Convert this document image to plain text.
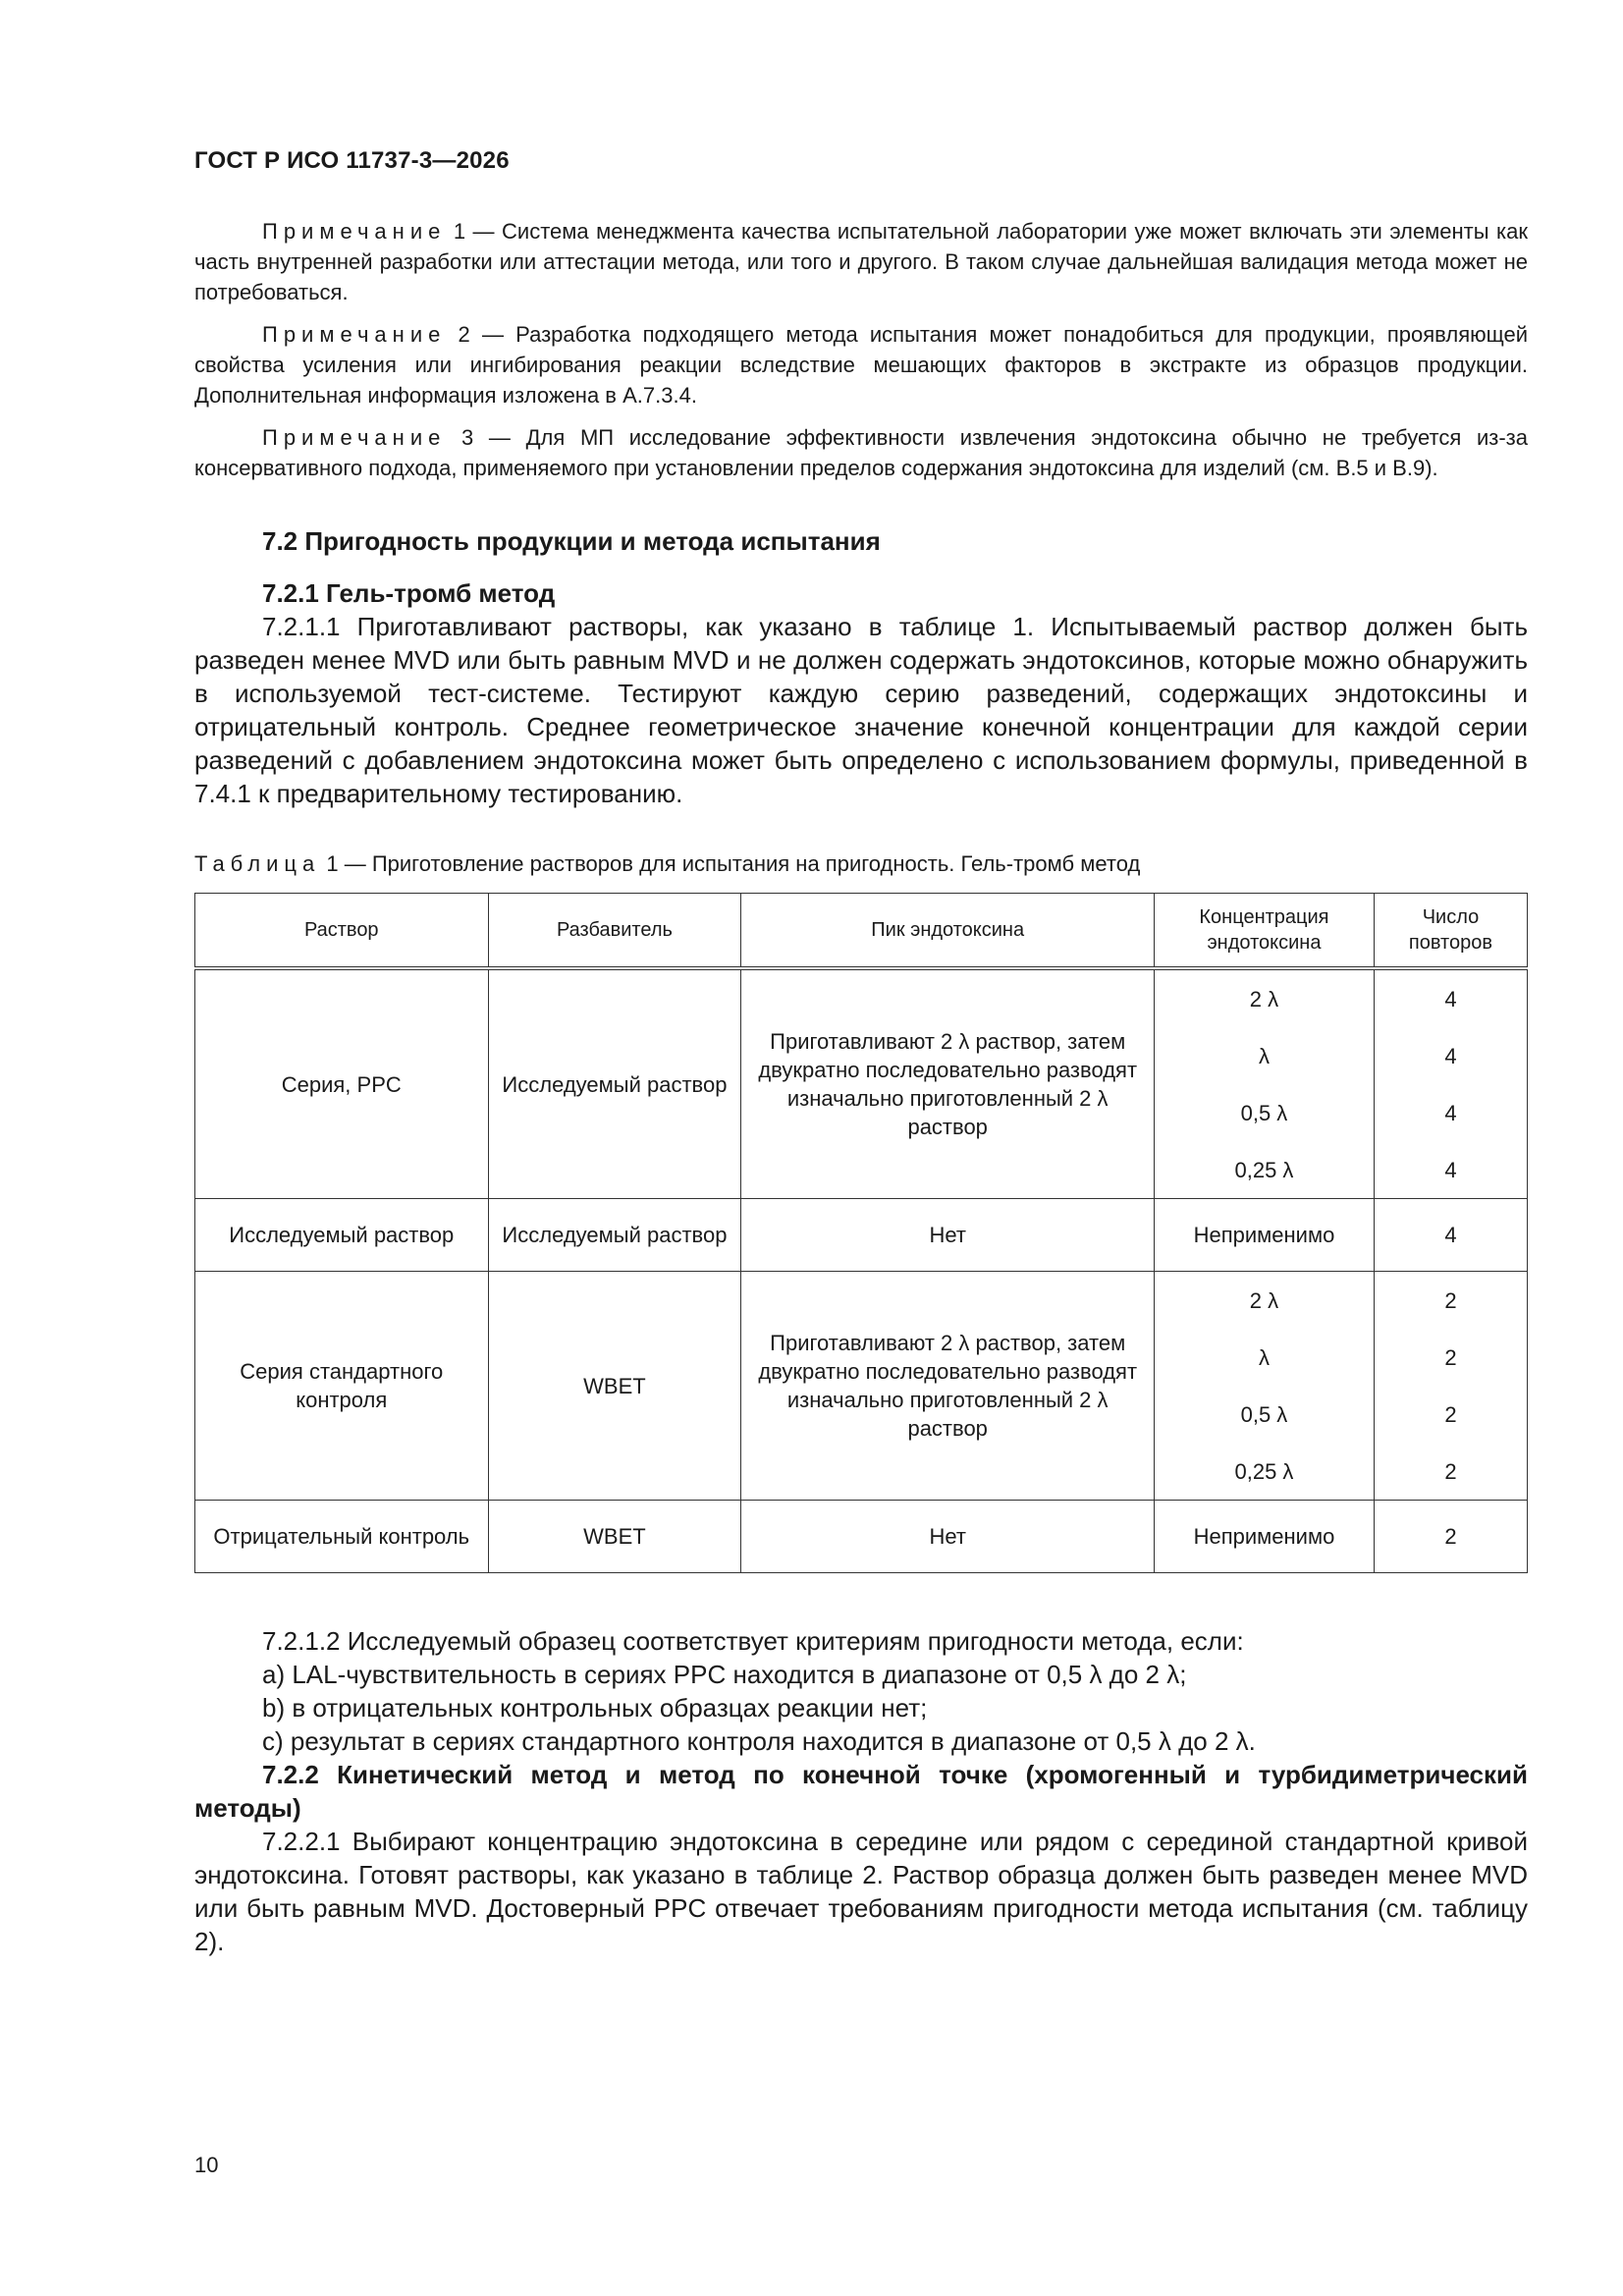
ГОСТ Р ИСО 11737-3—2026

Примечание 1 — Система менеджмента качества испытательной лаборатории уже может включать эти элементы как часть внутренней разработки или аттестации метода, или того и другого. В таком случае дальнейшая валидация метода может не потребоваться.

Примечание 2 — Разработка подходящего метода испытания может понадобиться для продукции, проявляющей свойства усиления или ингибирования реакции вследствие мешающих факторов в экстракте из образцов продукции. Дополнительная информация изложена в А.7.3.4.

Примечание 3 — Для МП исследование эффективности извлечения эндотоксина обычно не требуется из-за консервативного подхода, применяемого при установлении пределов содержания эндотоксина для изделий (см. В.5 и В.9).

7.2 Пригодность продукции и метода испытания
7.2.1 Гель-тромб метод

7.2.1.1 Приготавливают растворы, как указано в таблице 1. Испытываемый раствор должен быть разведен менее MVD или быть равным MVD и не должен содержать эндотоксинов, которые можно обнаружить в используемой тест-системе. Тестируют каждую серию разведений, содержащих эндотоксины и отрицательный контроль. Среднее геометрическое значение конечной концентрации для каждой серии разведений с добавлением эндотоксина может быть определено с использованием формулы, приведенной в 7.4.1 к предварительному тестированию.

Таблица 1 — Приготовление растворов для испытания на пригодность. Гель-тромб метод
Раствор	Разбавитель	Пик эндотоксина	Концентрация эндотоксина	Число повторов
Серия, PPC	Исследуемый раствор	Приготавливают 2 λ раствор, затем двукратно последовательно разводят изначально приготовленный 2 λ раствор	2 λ	4
			λ	4
			0,5 λ	4
			0,25 λ	4
Исследуемый раствор	Исследуемый раствор	Нет	Неприменимо	4
Серия стандартного контроля	WBET	Приготавливают 2 λ раствор, затем двукратно последовательно разводят изначально приготовленный 2 λ раствор	2 λ	2
			λ	2
			0,5 λ	2
			0,25 λ	2
Отрицательный контроль	WBET	Нет	Неприменимо	2
7.2.1.2 Исследуемый образец соответствует критериям пригодности метода, если:
a) LAL-чувствительность в сериях PPC находится в диапазоне от 0,5 λ до 2 λ;
b) в отрицательных контрольных образцах реакции нет;
c) результат в сериях стандартного контроля находится в диапазоне от 0,5 λ до 2 λ.

7.2.2 Кинетический метод и метод по конечной точке (хромогенный и турбидиметрический методы)

7.2.2.1 Выбирают концентрацию эндотоксина в середине или рядом с серединой стандартной кривой эндотоксина. Готовят растворы, как указано в таблице 2. Раствор образца должен быть разведен менее MVD или быть равным MVD. Достоверный PPC отвечает требованиям пригодности метода испытания (см. таблицу 2).

10
